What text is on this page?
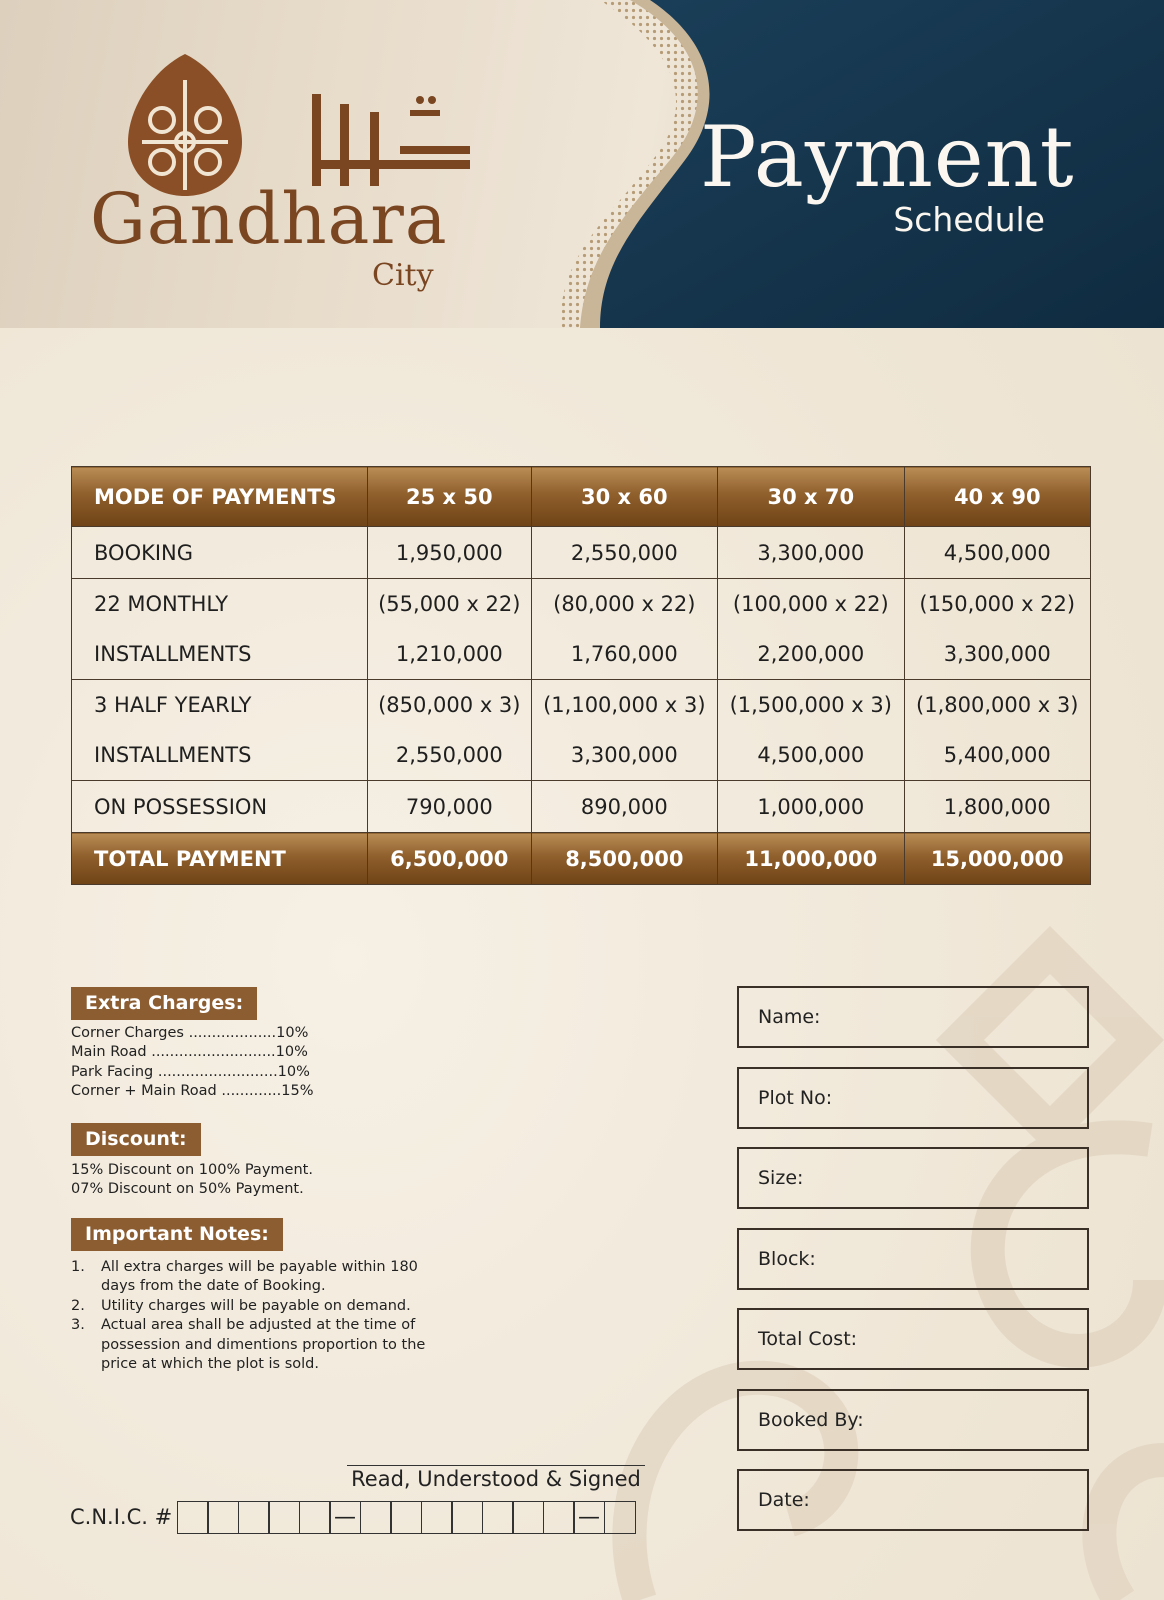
Gandhara
City
Payment
Schedule
MODE OF PAYMENTS	25 x 50	30 x 60	30 x 70	40 x 90
BOOKING	1,950,000	2,550,000	3,300,000	4,500,000
22 MONTHLY	(55,000 x 22)	(80,000 x 22)	(100,000 x 22)	(150,000 x 22)
INSTALLMENTS	1,210,000	1,760,000	2,200,000	3,300,000
3 HALF YEARLY	(850,000 x 3)	(1,100,000 x 3)	(1,500,000 x 3)	(1,800,000 x 3)
INSTALLMENTS	2,550,000	3,300,000	4,500,000	5,400,000
ON POSSESSION	790,000	890,000	1,000,000	1,800,000
TOTAL PAYMENT	6,500,000	8,500,000	11,000,000	15,000,000
Extra Charges:
Corner Charges ...................10%
Main Road ...........................10%
Park Facing ..........................10%
Corner + Main Road .............15%
Discount:
15% Discount on 100% Payment.
07% Discount on 50% Payment.
Important Notes:
1. All extra charges will be payable within 180 days from the date of Booking.
2. Utility charges will be payable on demand.
3. Actual area shall be adjusted at the time of possession and dimentions proportion to the price at which the plot is sold.
Name:
Plot No:
Size:
Block:
Total Cost:
Booked By:
Date:
Read, Understood & Signed
C.N.I.C. #	—	—
